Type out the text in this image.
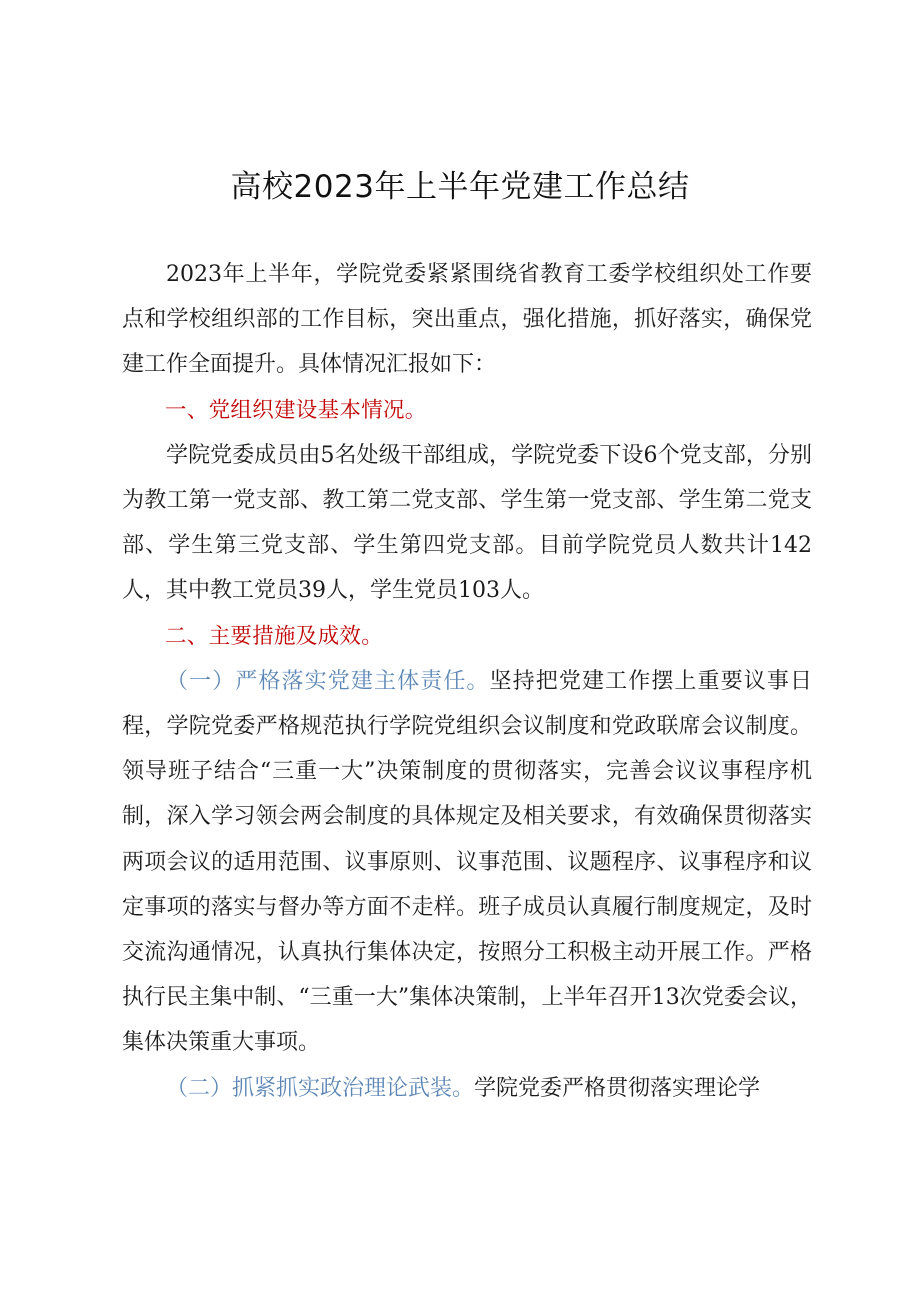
高校2023年上半年党建工作总结

2023年上半年，学院党委紧紧围绕省教育工委学校组织处工作要点和学校组织部的工作目标，突出重点，强化措施，抓好落实，确保党建工作全面提升。具体情况汇报如下：

一、党组织建设基本情况。

学院党委成员由5名处级干部组成，学院党委下设6个党支部，分别为教工第一党支部、教工第二党支部、学生第一党支部、学生第二党支部、学生第三党支部、学生第四党支部。目前学院党员人数共计142人，其中教工党员39人，学生党员103人。

二、主要措施及成效。

（一）严格落实党建主体责任。坚持把党建工作摆上重要议事日程，学院党委严格规范执行学院党组织会议制度和党政联席会议制度。领导班子结合“三重一大”决策制度的贯彻落实，完善会议议事程序机制，深入学习领会两会制度的具体规定及相关要求，有效确保贯彻落实两项会议的适用范围、议事原则、议事范围、议题程序、议事程序和议定事项的落实与督办等方面不走样。班子成员认真履行制度规定，及时交流沟通情况，认真执行集体决定，按照分工积极主动开展工作。严格执行民主集中制、“三重一大”集体决策制，上半年召开13次党委会议，集体决策重大事项。

（二）抓紧抓实政治理论武装。学院党委严格贯彻落实理论学
